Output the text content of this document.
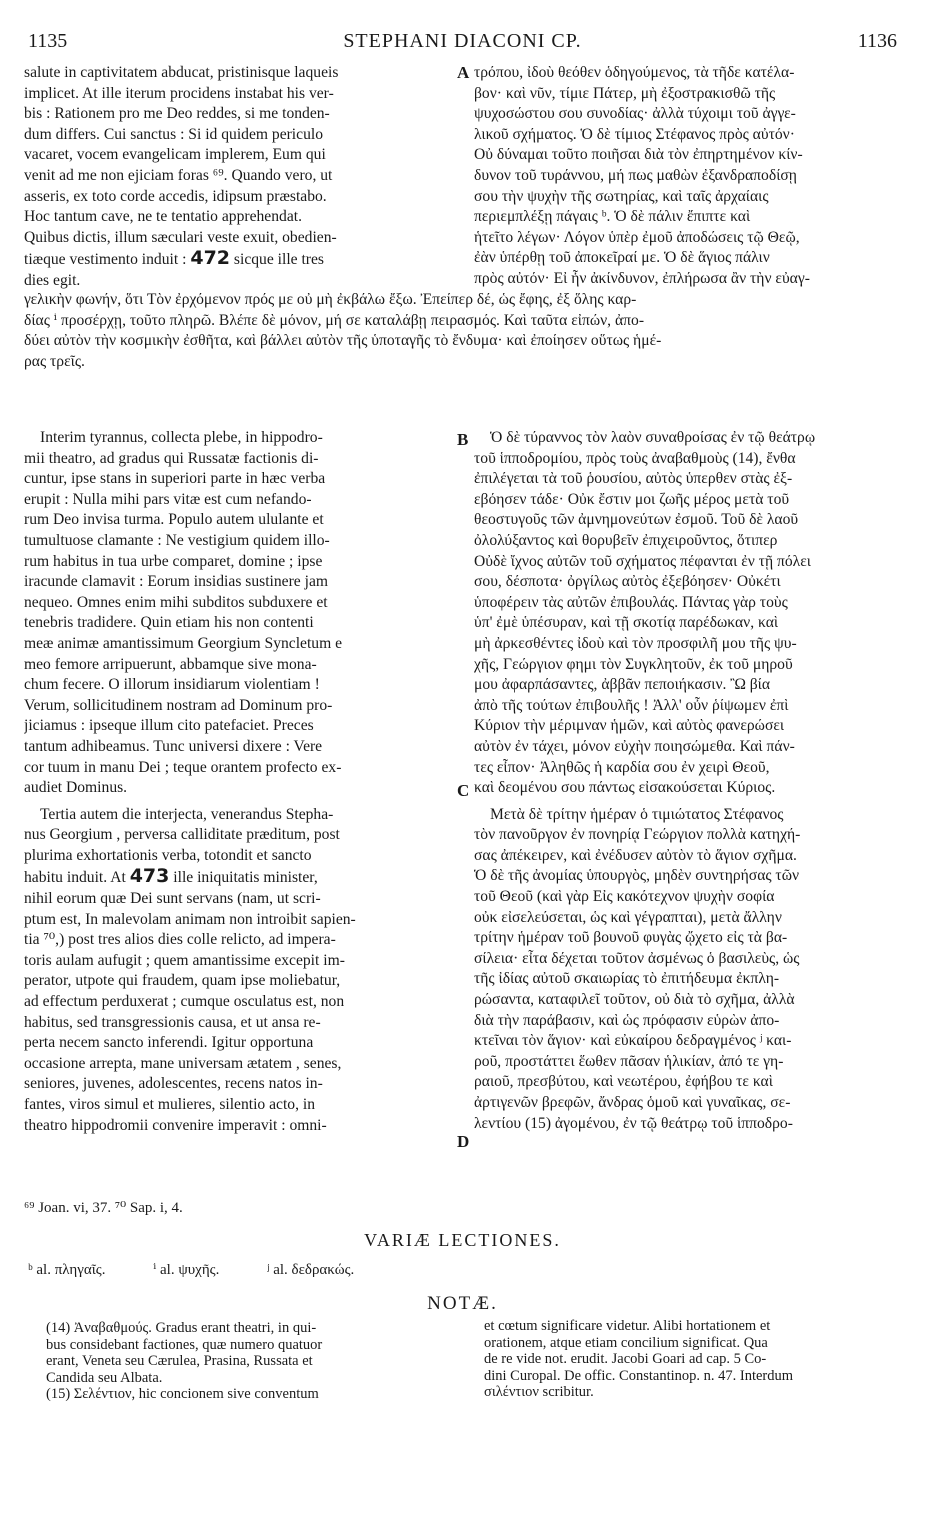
1135	STEPHANI DIACONI CP.	1136
salute in captivitatem abducat, pristinisque laqueis
implicet. At ille iterum procidens instabat his ver-
bis : Rationem pro me Deo reddes, si me tonden-
dum differs. Cui sanctus : Si id quidem periculo
vacaret, vocem evangelicam implerem, Eum qui
venit ad me non ejiciam foras ⁶⁹. Quando vero, ut
asseris, ex toto corde accedis, idipsum præstabo.
Hoc tantum cave, ne te tentatio apprehendat.
Quibus dictis, illum sæculari veste exuit, obedien-
tiæque vestimento induit : 472 sicque ille tres
dies egit.
A τρόπου, ἰδοὺ θεόθεν ὁδηγούμενος, τὰ τῆδε κατέλα-
βον· καὶ νῦν, τίμιε Πάτερ, μὴ ἐξοστρακισθῶ τῆς
ψυχοσώστου σου συνοδίας· ἀλλὰ τύχοιμι τοῦ ἀγγε-
λικοῦ σχήματος. Ὁ δὲ τίμιος Στέφανος πρὸς αὐτόν·
Οὐ δύναμαι τοῦτο ποιῆσαι διὰ τὸν ἐπηρτημένον κίν-
δυνον τοῦ τυράννου, μή πως μαθὼν ἐξανδραποδίσῃ
σου τὴν ψυχὴν τῆς σωτηρίας, καὶ ταῖς ἀρχαίαις
περιεμπλέξῃ πάγαις ᵇ. Ὁ δὲ πάλιν ἔπιπτε καὶ
ἡτεῖτο λέγων· Λόγον ὑπὲρ ἐμοῦ ἀποδώσεις τῷ Θεῷ,
ἐὰν ὑπέρθῃ τοῦ ἀποκεῖραί με. Ὁ δὲ ἅγιος πάλιν
πρὸς αὐτόν· Εἰ ἦν ἀκίνδυνον, ἐπλήρωσα ἂν τὴν εὐαγ-
γελικὴν φωνήν, ὅτι Τὸν ἐρχόμενον πρός με οὐ μὴ ἐκβάλω ἔξω. Ἐπείπερ δέ, ὡς ἔφης, ἐξ ὅλης καρ-
δίας ⁱ προσέρχῃ, τοῦτο πληρῶ. Βλέπε δὲ μόνον, μή σε καταλάβῃ πειρασμός. Καὶ ταῦτα εἰπών, ἀπο-
δύει αὐτὸν τὴν κοσμικὴν ἐσθῆτα, καὶ βάλλει αὐτὸν τῆς ὑποταγῆς τὸ ἔνδυμα· καὶ ἐποίησεν οὕτως ἡμέ-
ρας τρεῖς.
B
C
D
Interim tyrannus, collecta plebe, in hippodro-
mii theatro, ad gradus qui Russatæ factionis di-
cuntur, ipse stans in superiori parte in hæc verba
erupit : Nulla mihi pars vitæ est cum nefando-
rum Deo invisa turma. Populo autem ululante et
tumultuose clamante : Ne vestigium quidem illo-
rum habitus in tua urbe comparet, domine ; ipse
iracunde clamavit : Eorum insidias sustinere jam
nequeo. Omnes enim mihi subditos subduxere et
tenebris tradidere. Quin etiam his non contenti
meæ animæ amantissimum Georgium Syncletum e
meo femore arripuerunt, abbamque sive mona-
chum fecere. O illorum insidiarum violentiam !
Verum, sollicitudinem nostram ad Dominum pro-
jiciamus : ipseque illum cito patefaciet. Preces
tantum adhibeamus. Tunc universi dixere : Vere
cor tuum in manu Dei ; teque orantem profecto ex-
audiet Dominus.
Tertia autem die interjecta, venerandus Stepha-
nus Georgium , perversa calliditate præditum, post
plurima exhortationis verba, totondit et sancto
habitu induit. At 473 ille iniquitatis minister,
nihil eorum quæ Dei sunt servans (nam, ut scri-
ptum est, In malevolam animam non introibit sapien-
tia ⁷⁰,) post tres alios dies colle relicto, ad impera-
toris aulam aufugit ; quem amantissime excepit im-
perator, utpote qui fraudem, quam ipse moliebatur,
ad effectum perduxerat ; cumque osculatus est, non
habitus, sed transgressionis causa, et ut ansa re-
perta necem sancto inferendi. Igitur opportuna
occasione arrepta, mane universam ætatem , senes,
seniores, juvenes, adolescentes, recens natos in-
fantes, viros simul et mulieres, silentio acto, in
theatro hippodromii convenire imperavit : omni-
Ὁ δὲ τύραννος τὸν λαὸν συναθροίσας ἐν τῷ θεάτρῳ
τοῦ ἱπποδρομίου, πρὸς τοὺς ἀναβαθμοὺς (14), ἔνθα
ἐπιλέγεται τὰ τοῦ ῥουσίου, αὐτὸς ὑπερθεν στὰς ἐξ-
εβόησεν τάδε· Οὐκ ἔστιν μοι ζωῆς μέρος μετὰ τοῦ
θεοστυγοῦς τῶν ἀμνημονεύτων ἐσμοῦ. Τοῦ δὲ λαοῦ
ὀλολύξαντος καὶ θορυβεῖν ἐπιχειροῦντος, ὅτιπερ
Οὐδὲ ἴχνος αὐτῶν τοῦ σχήματος πέφανται ἐν τῇ πόλει
σου, δέσποτα· ὀργίλως αὐτὸς ἐξεβόησεν· Οὐκέτι
ὑποφέρειν τὰς αὐτῶν ἐπιβουλάς. Πάντας γὰρ τοὺς
ὑπ' ἐμὲ ὑπέσυραν, καὶ τῇ σκοτίᾳ παρέδωκαν, καὶ
μὴ ἀρκεσθέντες ἰδοὺ καὶ τὸν προσφιλῆ μου τῆς ψυ-
χῆς, Γεώργιον φημι τὸν Συγκλητοῦν, ἐκ τοῦ μηροῦ
μου ἀφαρπάσαντες, ἀββᾶν πεποιήκασιν. Ὢ βία
ἀπὸ τῆς τούτων ἐπιβουλῆς ! Ἀλλ' οὖν ῥίψωμεν ἐπὶ
Κύριον τὴν μέριμναν ἡμῶν, καὶ αὐτὸς φανερώσει
αὐτὸν ἐν τάχει, μόνον εὐχὴν ποιησώμεθα. Καὶ πάν-
τες εἶπον· Ἀληθῶς ἡ καρδία σου ἐν χειρὶ Θεοῦ,
καὶ δεομένου σου πάντως εἰσακούσεται Κύριος.
Μετὰ δὲ τρίτην ἡμέραν ὁ τιμιώτατος Στέφανος
τὸν πανοῦργον ἐν πονηρίᾳ Γεώργιον πολλὰ κατηχή-
σας ἀπέκειρεν, καὶ ἐνέδυσεν αὐτὸν τὸ ἅγιον σχῆμα.
Ὁ δὲ τῆς ἀνομίας ὑπουργὸς, μηδὲν συντηρήσας τῶν
τοῦ Θεοῦ (καὶ γὰρ Εἰς κακότεχνον ψυχὴν σοφία
οὐκ εἰσελεύσεται, ὡς καὶ γέγραπται), μετὰ ἄλλην
τρίτην ἡμέραν τοῦ βουνοῦ φυγὰς ᾤχετο εἰς τὰ βα-
σίλεια· εἶτα δέχεται τοῦτον ἀσμένως ὁ βασιλεὺς, ὡς
τῆς ἰδίας αὐτοῦ σκαιωρίας τὸ ἐπιτήδευμα ἐκπλη-
ρώσαντα, καταφιλεῖ τοῦτον, οὐ διὰ τὸ σχῆμα, ἀλλὰ
διὰ τὴν παράβασιν, καὶ ὡς πρόφασιν εὑρὼν ἀπο-
κτεῖναι τὸν ἅγιον· καὶ εὐκαίρου δεδραγμένος ʲ και-
ροῦ, προστάττει ἕωθεν πᾶσαν ἡλικίαν, ἀπό τε γη-
ραιοῦ, πρεσβύτου, καὶ νεωτέρου, ἐφήβου τε καὶ
ἀρτιγενῶν βρεφῶν, ἄνδρας ὁμοῦ καὶ γυναῖκας, σε-
λεντίου (15) ἀγομένου, ἐν τῷ θεάτρῳ τοῦ ἱπποδρο-
⁶⁹ Joan. vi, 37. ⁷⁰ Sap. i, 4.
VARIÆ LECTIONES.
ᵇ al. πληγαῖς.	ⁱ al. ψυχῆς.	ʲ al. δεδρακώς.
NOTÆ.
(14) Ἀναβαθμούς. Gradus erant theatri, in qui-
bus considebant factiones, quæ numero quatuor
erant, Veneta seu Cærulea, Prasina, Russata et
Candida seu Albata.
(15) Σελέντιον, hic concionem sive conventum
et cœtum significare videtur. Alibi hortationem et
orationem, atque etiam concilium significat. Qua
de re vide not. erudit. Jacobi Goari ad cap. 5 Co-
dini Curopal. De offic. Constantinop. n. 47. Interdum
σιλέντιον scribitur.
